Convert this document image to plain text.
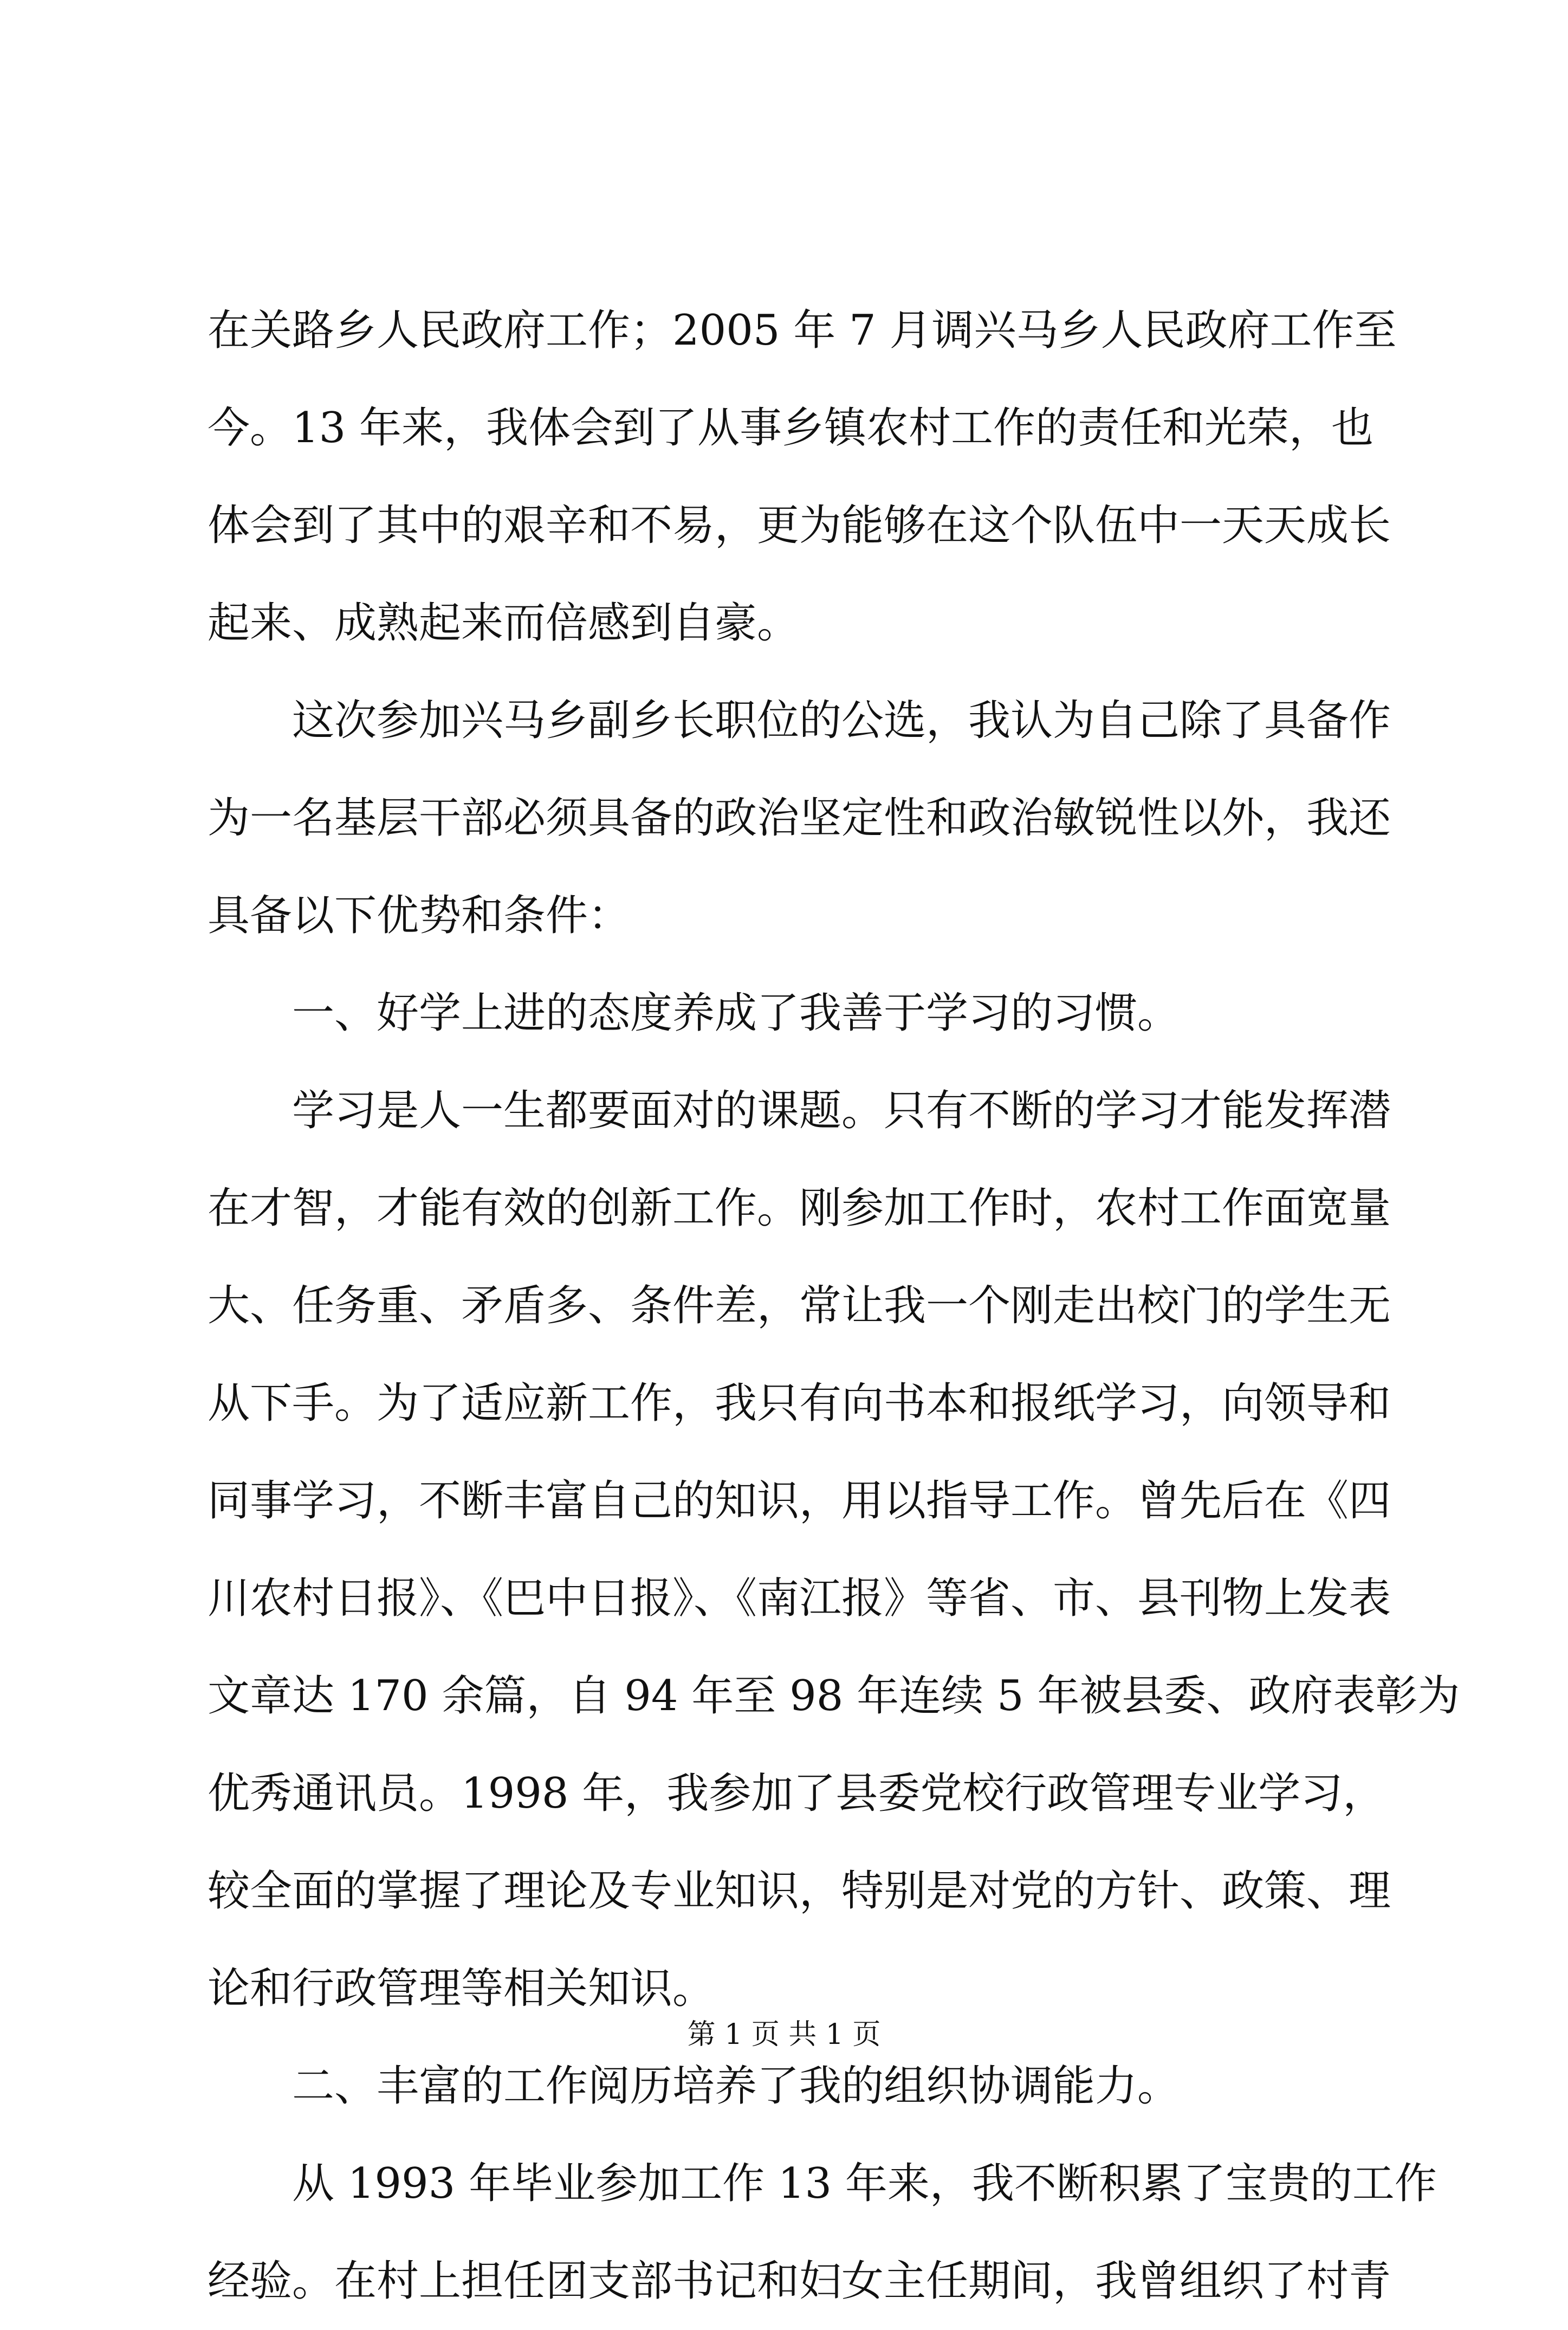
在关路乡人民政府工作；2005 年 7 月调兴马乡人民政府工作至
今。13 年来，我体会到了从事乡镇农村工作的责任和光荣，也
体会到了其中的艰辛和不易，更为能够在这个队伍中一天天成长
起来、成熟起来而倍感到自豪。
这次参加兴马乡副乡长职位的公选，我认为自己除了具备作
为一名基层干部必须具备的政治坚定性和政治敏锐性以外，我还
具备以下优势和条件：
一、好学上进的态度养成了我善于学习的习惯。
学习是人一生都要面对的课题。只有不断的学习才能发挥潜
在才智，才能有效的创新工作。刚参加工作时，农村工作面宽量
大、任务重、矛盾多、条件差，常让我一个刚走出校门的学生无
从下手。为了适应新工作，我只有向书本和报纸学习，向领导和
同事学习，不断丰富自己的知识，用以指导工作。曾先后在《四
川农村日报》、《巴中日报》、《南江报》等省、市、县刊物上发表
文章达 170 余篇，自 94 年至 98 年连续 5 年被县委、政府表彰为
优秀通讯员。1998 年，我参加了县委党校行政管理专业学习，
较全面的掌握了理论及专业知识，特别是对党的方针、政策、理
论和行政管理等相关知识。
二、丰富的工作阅历培养了我的组织协调能力。
从 1993 年毕业参加工作 13 年来，我不断积累了宝贵的工作
经验。在村上担任团支部书记和妇女主任期间，我曾组织了村青
第 1 页 共 1 页
